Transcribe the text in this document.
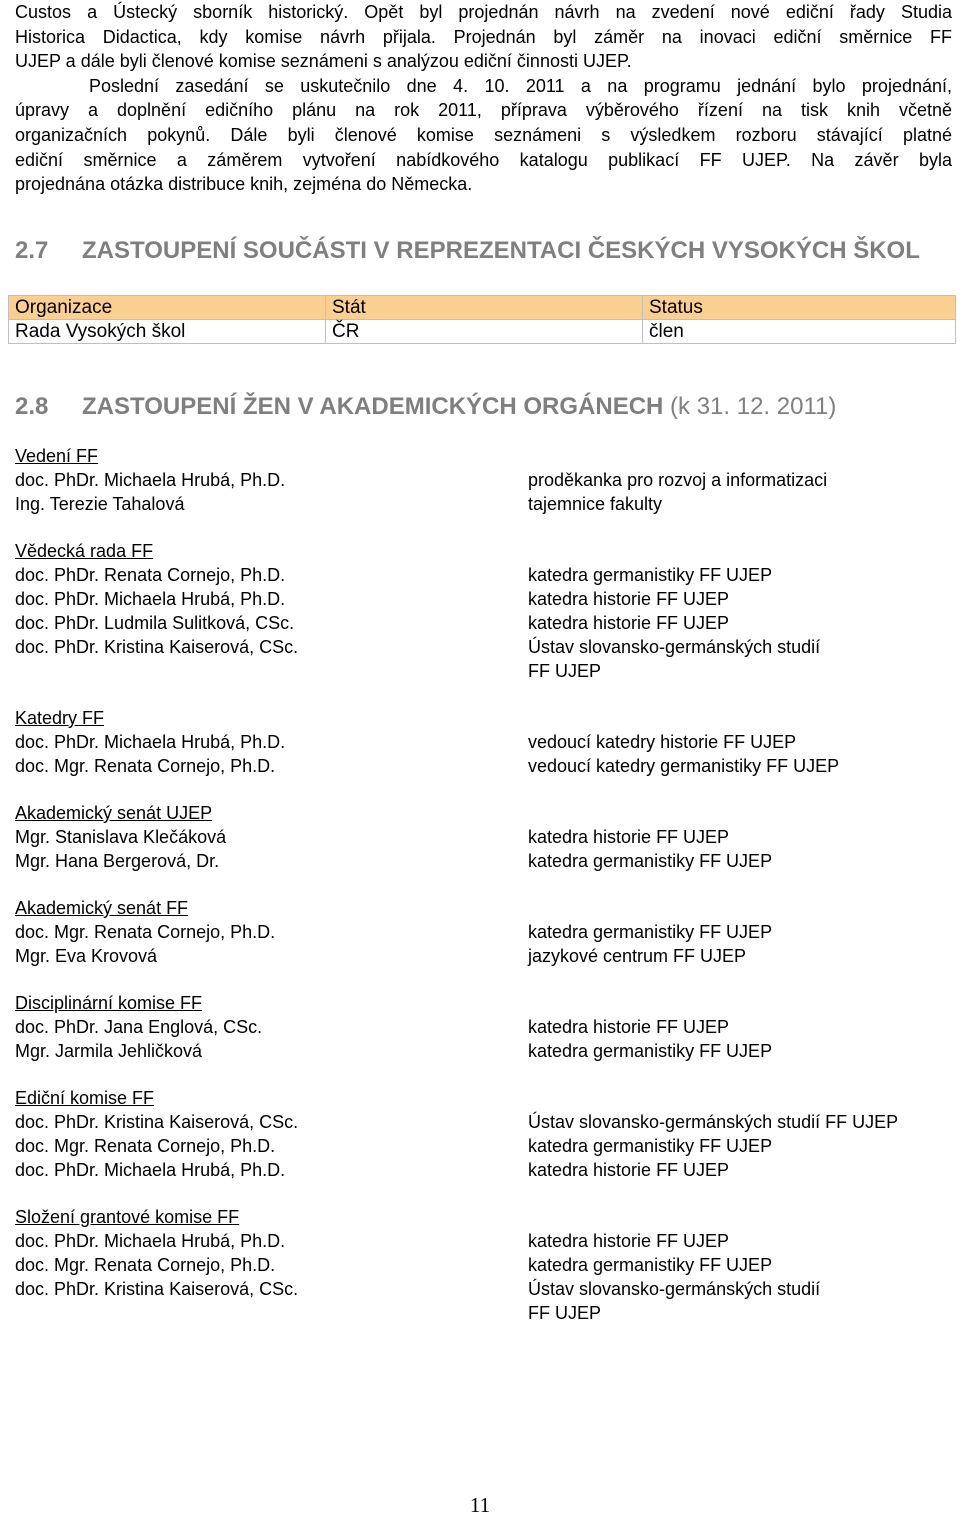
Custos a Ústecký sborník historický. Opět byl projednán návrh na zvedení nové ediční řady Studia
Historica Didactica, kdy komise návrh přijala. Projednán byl záměr na inovaci ediční směrnice FF
UJEP a dále byli členové komise seznámeni s analýzou ediční činnosti UJEP.
Poslední zasedání se uskutečnilo dne 4. 10. 2011 a na programu jednání bylo projednání,
úpravy a doplnění edičního plánu na rok 2011, příprava výběrového řízení na tisk knih včetně
organizačních pokynů. Dále byli členové komise seznámeni s výsledkem rozboru stávající platné
ediční směrnice a záměrem vytvoření nabídkového katalogu publikací FF UJEP. Na závěr byla
projednána otázka distribuce knih, zejména do Německa.
2.7 ZASTOUPENÍ SOUČÁSTI V REPREZENTACI ČESKÝCH VYSOKÝCH ŠKOL
Organizace	Stát	Status
Rada Vysokých škol	ČR	člen
2.8 ZASTOUPENÍ ŽEN V AKADEMICKÝCH ORGÁNECH (k 31. 12. 2011)
Vedení FF
doc. PhDr. Michaela Hrubá, Ph.D.	proděkanka pro rozvoj a informatizaci
Ing. Terezie Tahalová	tajemnice fakulty
Vědecká rada FF
doc. PhDr. Renata Cornejo, Ph.D.	katedra germanistiky FF UJEP
doc. PhDr. Michaela Hrubá, Ph.D.	katedra historie FF UJEP
doc. PhDr. Ludmila Sulitková, CSc.	katedra historie FF UJEP
doc. PhDr. Kristina Kaiserová, CSc.	Ústav slovansko-germánských studií
FF UJEP
Katedry FF
doc. PhDr. Michaela Hrubá, Ph.D.	vedoucí katedry historie FF UJEP
doc. Mgr. Renata Cornejo, Ph.D.	vedoucí katedry germanistiky FF UJEP
Akademický senát UJEP
Mgr. Stanislava Klečáková	katedra historie FF UJEP
Mgr. Hana Bergerová, Dr.	katedra germanistiky FF UJEP
Akademický senát FF
doc. Mgr. Renata Cornejo, Ph.D.	katedra germanistiky FF UJEP
Mgr. Eva Krovová	jazykové centrum FF UJEP
Disciplinární komise FF
doc. PhDr. Jana Englová, CSc.	katedra historie FF UJEP
Mgr. Jarmila Jehličková	katedra germanistiky FF UJEP
Ediční komise FF
doc. PhDr. Kristina Kaiserová, CSc.	Ústav slovansko-germánských studií FF UJEP
doc. Mgr. Renata Cornejo, Ph.D.	katedra germanistiky FF UJEP
doc. PhDr. Michaela Hrubá, Ph.D.	katedra historie FF UJEP
Složení grantové komise FF
doc. PhDr. Michaela Hrubá, Ph.D.	katedra historie FF UJEP
doc. Mgr. Renata Cornejo, Ph.D.	katedra germanistiky FF UJEP
doc. PhDr. Kristina Kaiserová, CSc.	Ústav slovansko-germánských studií
FF UJEP
11
